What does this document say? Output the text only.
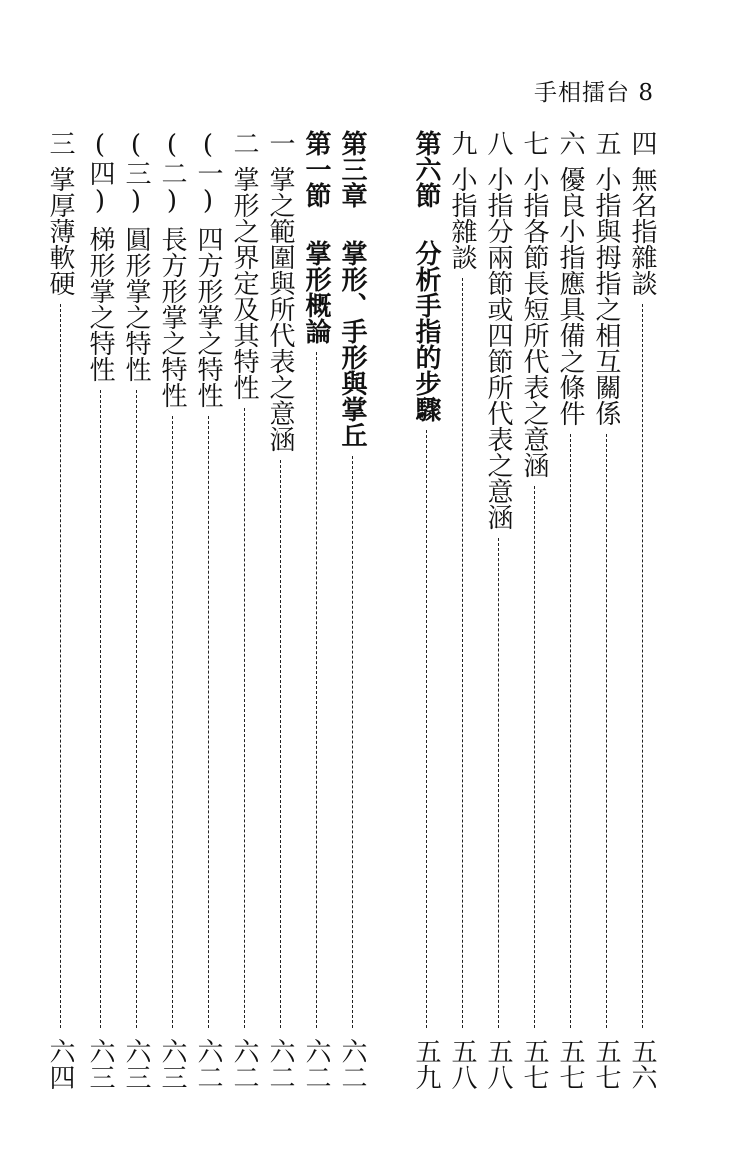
手相擂台 8
四
無名指雜談
五六
五
小指與拇指之相互關係
五七
六
優良小指應具備之條件
五七
七
小指各節長短所代表之意涵
五七
八
小指分兩節或四節所代表之意涵
五八
九
小指雜談
五八
第六節
分析手指的步驟
五九
第三章
掌形、手形與掌丘
六二
第一節
掌形概論
六二
一
掌之範圍與所代表之意涵
六二
二
掌形之界定及其特性
六二
(一)
四方形掌之特性
六二
(二)
長方形掌之特性
六三
(三)
圓形掌之特性
六三
(四)
梯形掌之特性
六三
三
掌厚薄軟硬
六四
